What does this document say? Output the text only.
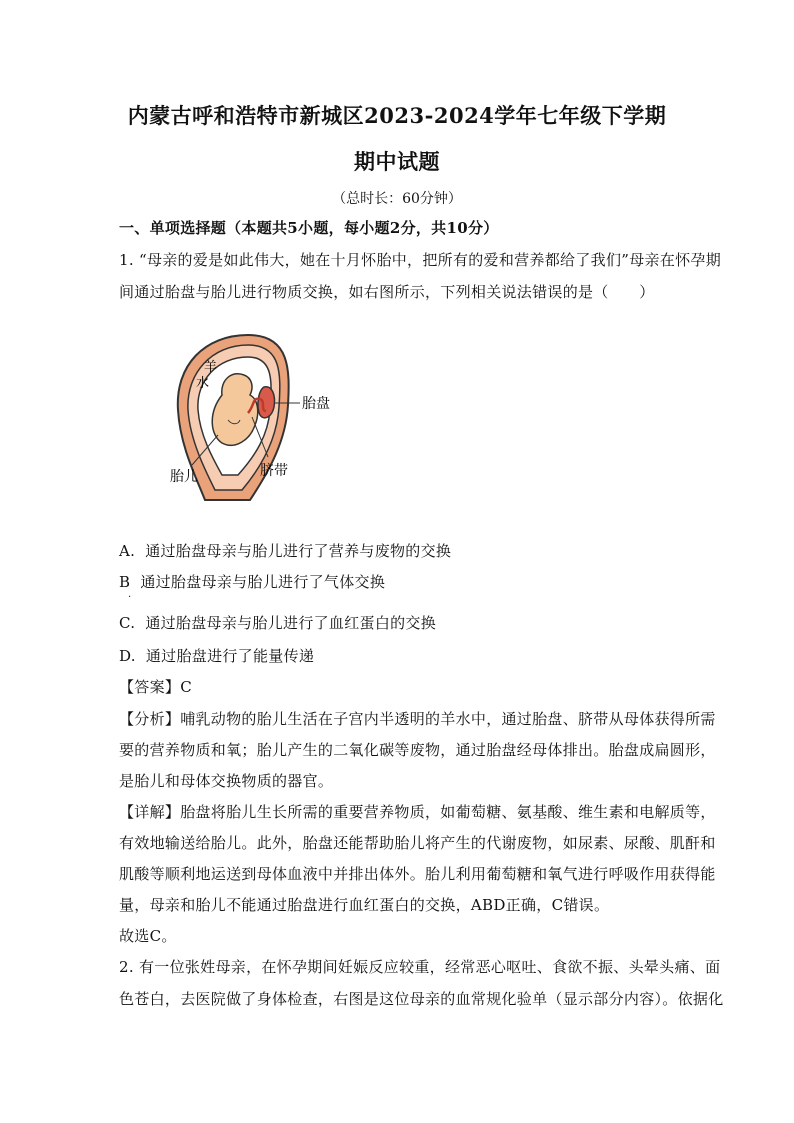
内蒙古呼和浩特市新城区2023-2024学年七年级下学期
期中试题
（总时长：60分钟）
一、单项选择题（本题共5小题，每小题2分，共10分）
1. “母亲的爱是如此伟大，她在十月怀胎中，把所有的爱和营养都给了我们”母亲在怀孕期
间通过胎盘与胎儿进行物质交换，如右图所示，下列相关说法错误的是（　　）
羊
水
胎盘
胎儿	脐带
A. 通过胎盘母亲与胎儿进行了营养与废物的交换
B 通过胎盘母亲与胎儿进行了气体交换
.
C. 通过胎盘母亲与胎儿进行了血红蛋白的交换
D. 通过胎盘进行了能量传递
【答案】C
【分析】哺乳动物的胎儿生活在子宫内半透明的羊水中，通过胎盘、脐带从母体获得所需
要的营养物质和氧；胎儿产生的二氧化碳等废物，通过胎盘经母体排出。胎盘成扁圆形，
是胎儿和母体交换物质的器官。
【详解】胎盘将胎儿生长所需的重要营养物质，如葡萄糖、氨基酸、维生素和电解质等，
有效地输送给胎儿。此外，胎盘还能帮助胎儿将产生的代谢废物，如尿素、尿酸、肌酐和
肌酸等顺利地运送到母体血液中并排出体外。胎儿利用葡萄糖和氧气进行呼吸作用获得能
量，母亲和胎儿不能通过胎盘进行血红蛋白的交换，ABD正确，C错误。
故选C。
2. 有一位张姓母亲，在怀孕期间妊娠反应较重，经常恶心呕吐、食欲不振、头晕头痛、面
色苍白，去医院做了身体检查，右图是这位母亲的血常规化验单（显示部分内容）。依据化
